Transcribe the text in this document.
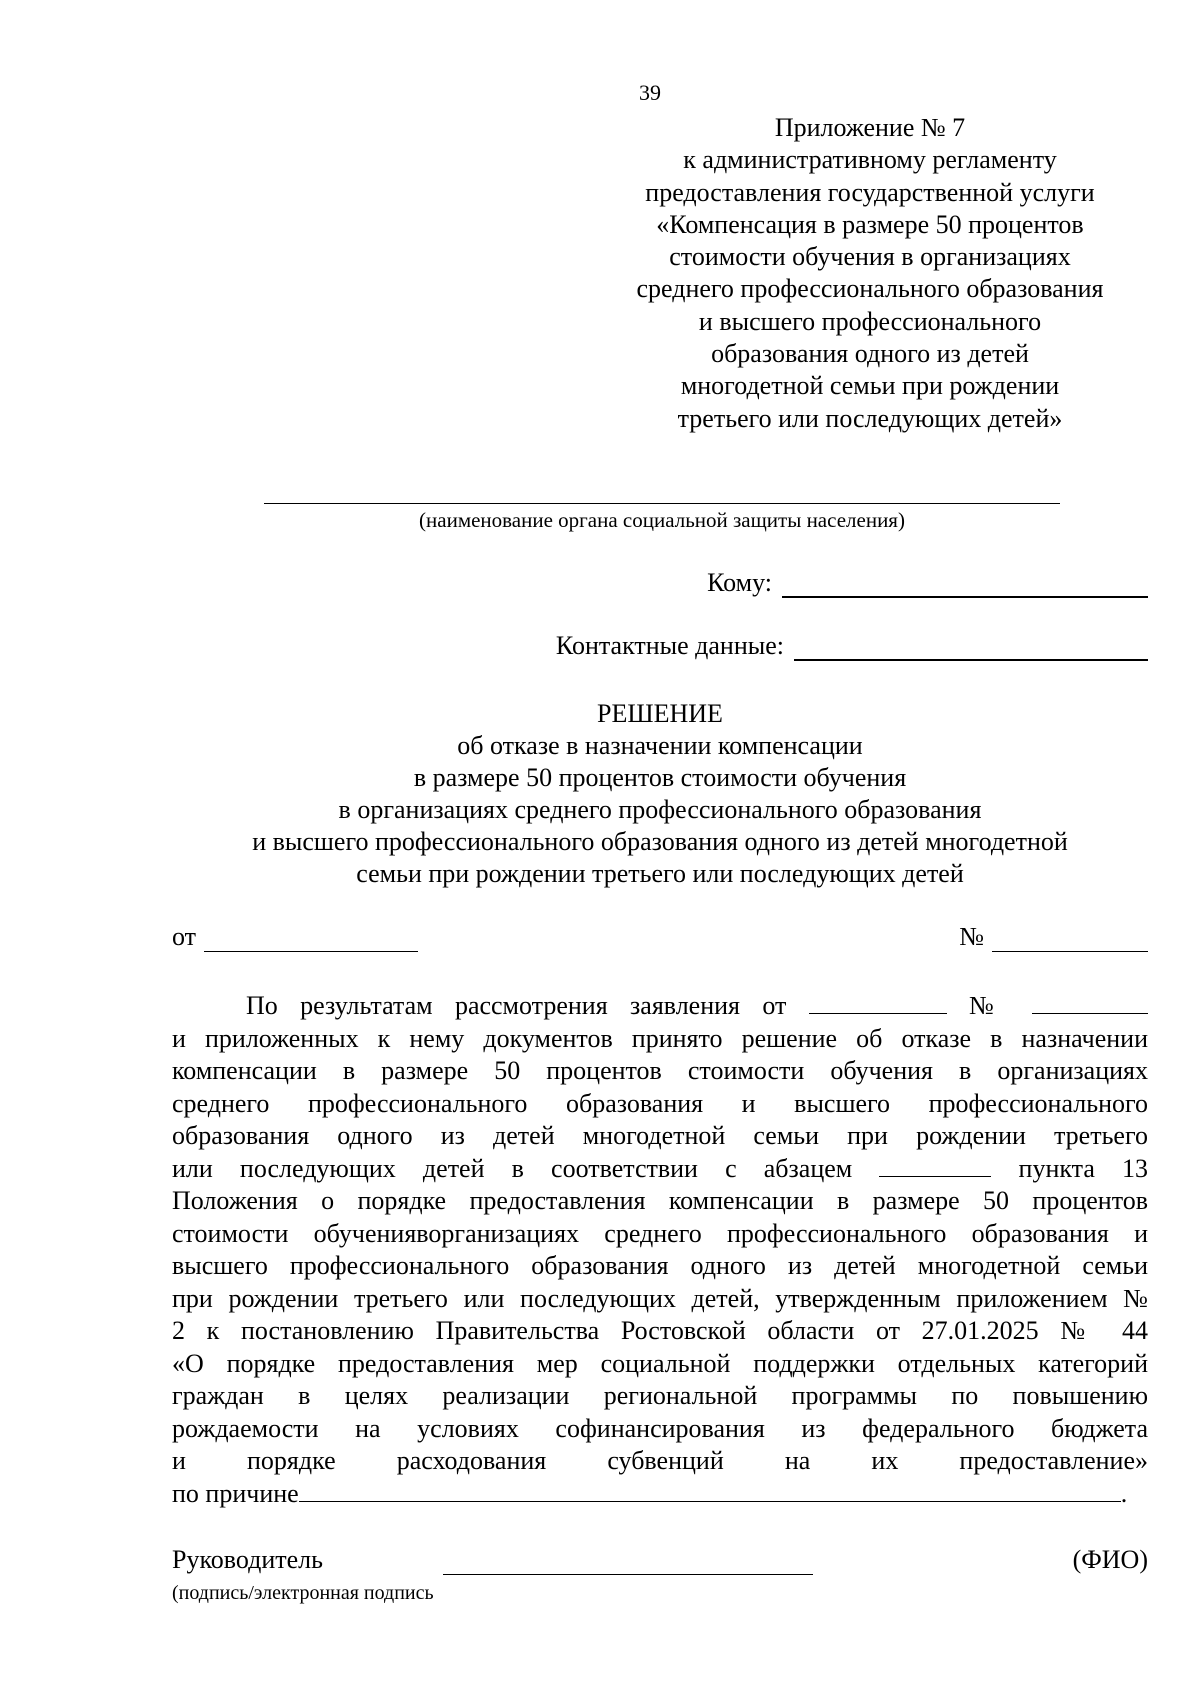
39
Приложение № 7
к административному регламенту
предоставления государственной услуги
«Компенсация в размере 50 процентов
стоимости обучения в организациях
среднего профессионального образования
и высшего профессионального
образования одного из детей
многодетной семьи при рождении
третьего или последующих детей»
(наименование органа социальной защиты населения)
Кому:
Контактные данные:
РЕШЕНИЕ
об отказе в назначении компенсации
в размере 50 процентов стоимости обучения
в организациях среднего профессионального образования
и высшего профессионального образования одного из детей многодетной
семьи при рождении третьего или последующих детей
от	№
По результатам рассмотрения заявления от	№
и приложенных к нему документов принято решение об отказе в назначении
компенсации в размере 50 процентов стоимости обучения в организациях
среднего профессионального образования и высшего профессионального
образования одного из детей многодетной семьи при рождении третьего
или последующих детей в соответствии с абзацем	пункта 13
Положения о порядке предоставления компенсации в размере 50 процентов
стоимости обучениявоpганизациях среднего профессионального образования и
высшего профессионального образования одного из детей многодетной семьи
при рождении третьего или последующих детей, утвержденным приложением №
2 к постановлению Правительства Ростовской области от 27.01.2025 № 44
«О порядке предоставления мер социальной поддержки отдельных категорий
граждан в целях реализации региональной программы по повышению
рождаемости на условиях софинансирования из федерального бюджета
и порядке расходования субвенций на их предоставление»
по причине	.
Руководитель	(ФИО)
(подпись/электронная подпись
